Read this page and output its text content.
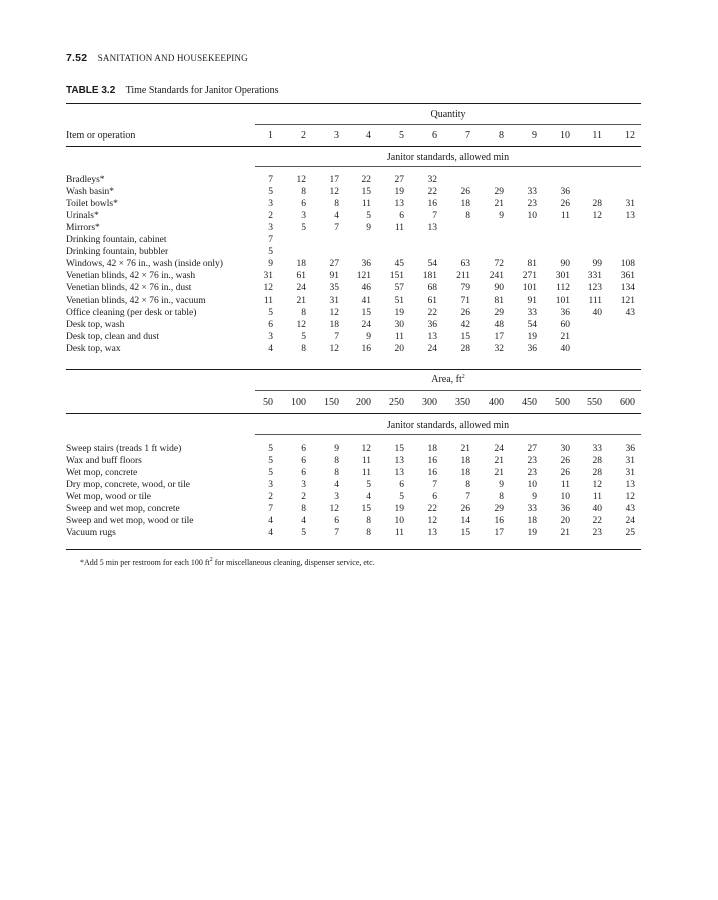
7.52 SANITATION AND HOUSEKEEPING
TABLE 3.2 Time Standards for Janitor Operations
Quantity
Item or operation	1	2	3	4	5	6	7	8	9	10	11	12
Janitor standards, allowed min
Bradleys*	7	12	17	22	27	32
Wash basin*	5	8	12	15	19	22	26	29	33	36
Toilet bowls*	3	6	8	11	13	16	18	21	23	26	28	31
Urinals*	2	3	4	5	6	7	8	9	10	11	12	13
Mirrors*	3	5	7	9	11	13
Drinking fountain, cabinet	7
Drinking fountain, bubbler	5
Windows, 42 × 76 in., wash (inside only)	9	18	27	36	45	54	63	72	81	90	99	108
Venetian blinds, 42 × 76 in., wash	31	61	91	121	151	181	211	241	271	301	331	361
Venetian blinds, 42 × 76 in., dust	12	24	35	46	57	68	79	90	101	112	123	134
Venetian blinds, 42 × 76 in., vacuum	11	21	31	41	51	61	71	81	91	101	111	121
Office cleaning (per desk or table)	5	8	12	15	19	22	26	29	33	36	40	43
Desk top, wash	6	12	18	24	30	36	42	48	54	60
Desk top, clean and dust	3	5	7	9	11	13	15	17	19	21
Desk top, wax	4	8	12	16	20	24	28	32	36	40
Area, $ft^2$
50	100	150	200	250	300	350	400	450	500	550	600
Janitor standards, allowed min
Sweep stairs (treads 1 ft wide)	5	6	9	12	15	18	21	24	27	30	33	36
Wax and buff floors	5	6	8	11	13	16	18	21	23	26	28	31
Wet mop, concrete	5	6	8	11	13	16	18	21	23	26	28	31
Dry mop, concrete, wood, or tile	3	3	4	5	6	7	8	9	10	11	12	13
Wet mop, wood or tile	2	2	3	4	5	6	7	8	9	10	11	12
Sweep and wet mop, concrete	7	8	12	15	19	22	26	29	33	36	40	43
Sweep and wet mop, wood or tile	4	4	6	8	10	12	14	16	18	20	22	24
Vacuum rugs	4	5	7	8	11	13	15	17	19	21	23	25
*Add 5 min per restroom for each 100 $ft^2$ for miscellaneous cleaning, dispenser service, etc.
